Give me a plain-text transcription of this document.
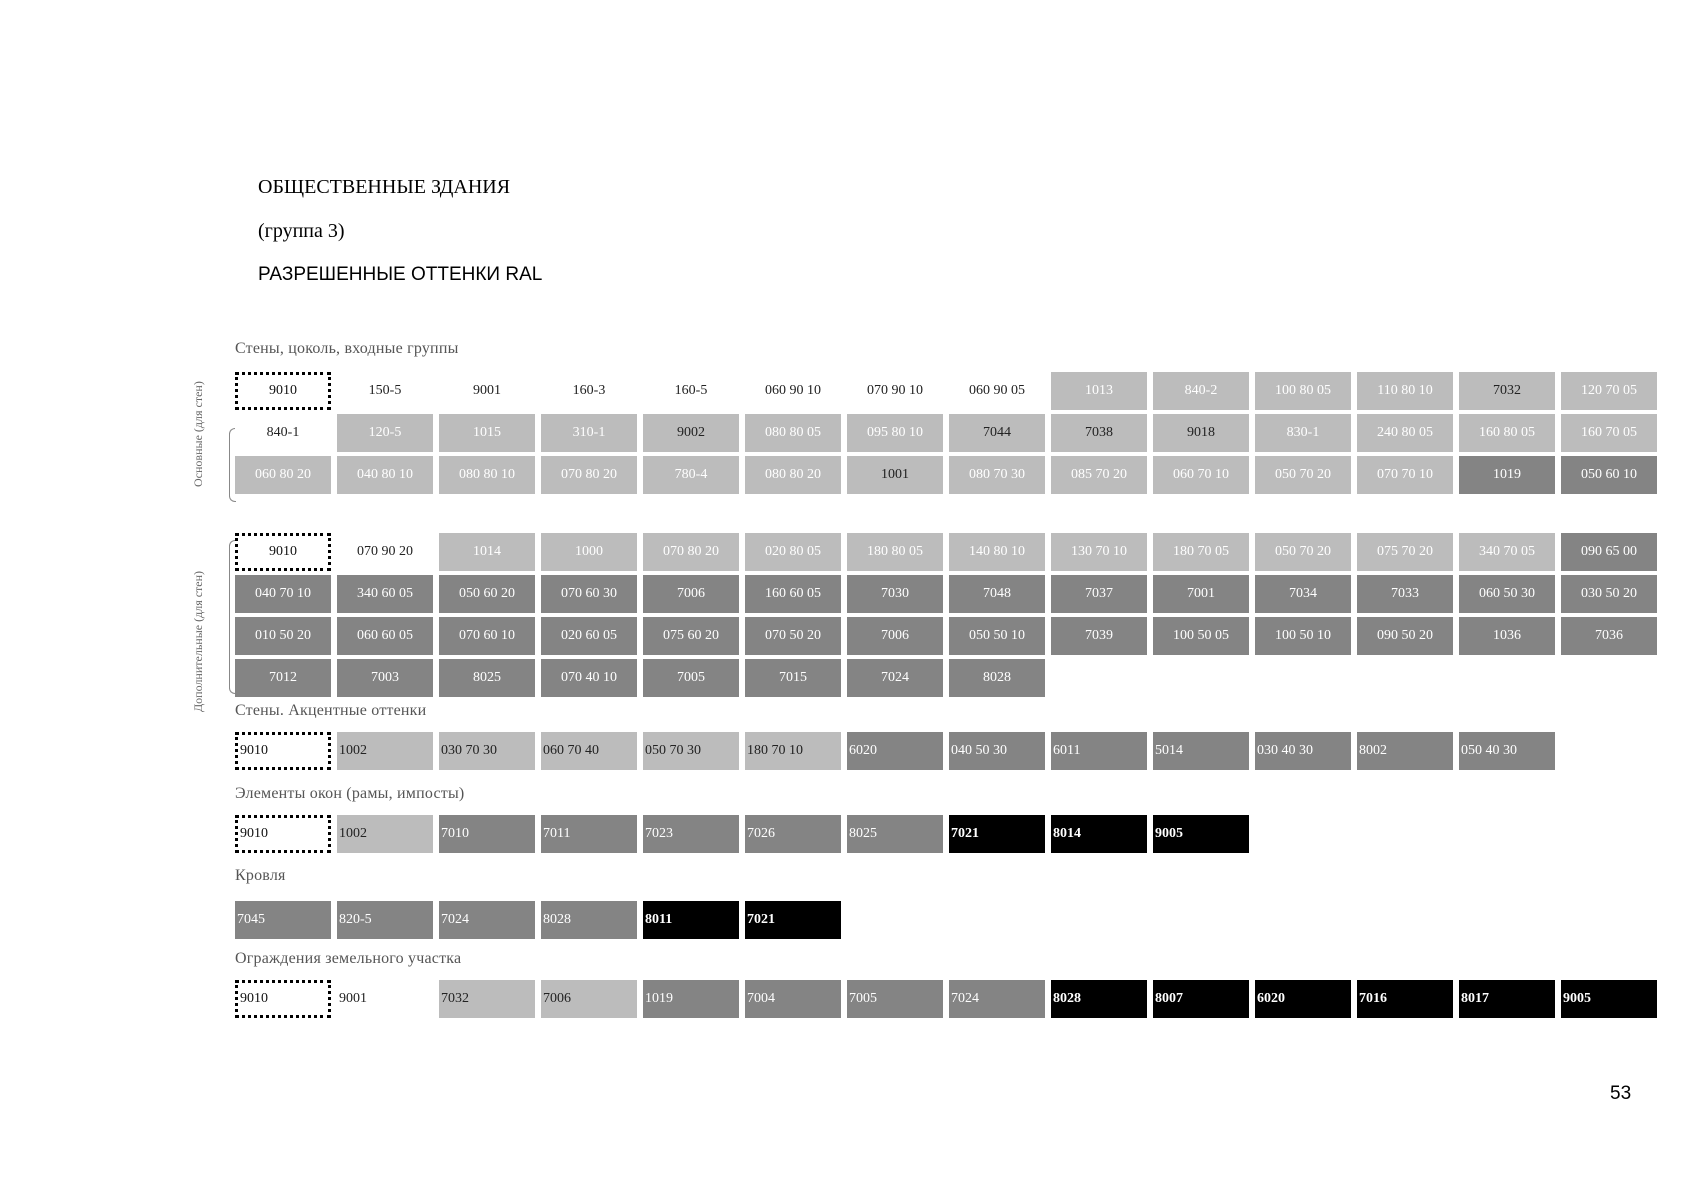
ОБЩЕСТВЕННЫЕ ЗДАНИЯ
(группа 3)
РАЗРЕШЕННЫЕ ОТТЕНКИ RAL
Стены, цоколь, входные группы
Основные (для стен)	9010	150-5	9001	160-3	160-5	060 90 10	070 90 10	060 90 05	1013	840-2	100 80 05	110 80 10	7032	120 70 05
840-1	120-5	1015	310-1	9002	080 80 05	095 80 10	7044	7038	9018	830-1	240 80 05	160 80 05	160 70 05
060 80 20	040 80 10	080 80 10	070 80 20	780-4	080 80 20	1001	080 70 30	085 70 20	060 70 10	050 70 20	070 70 10	1019	050 60 10
Дополнительные (для стен)
9010	070 90 20	1014	1000	070 80 20	020 80 05	180 80 05	140 80 10	130 70 10	180 70 05	050 70 20	075 70 20	340 70 05	090 65 00
040 70 10	340 60 05	050 60 20	070 60 30	7006	160 60 05	7030	7048	7037	7001	7034	7033	060 50 30	030 50 20
010 50 20	060 60 05	070 60 10	020 60 05	075 60 20	070 50 20	7006	050 50 10	7039	100 50 05	100 50 10	090 50 20	1036	7036
7012	7003	8025	070 40 10	7005	7015	7024	8028
Стены. Акцентные оттенки
9010	1002	030 70 30	060 70 40	050 70 30	180 70 10	6020	040 50 30	6011	5014	030 40 30	8002	050 40 30
Элементы окон (рамы, импосты)
9010	1002	7010	7011	7023	7026	8025	7021	8014	9005
Кровля
7045	820-5	7024	8028	8011	7021
Ограждения земельного участка
9010	9001	7032	7006	1019	7004	7005	7024	8028	8007	6020	7016	8017	9005
53
